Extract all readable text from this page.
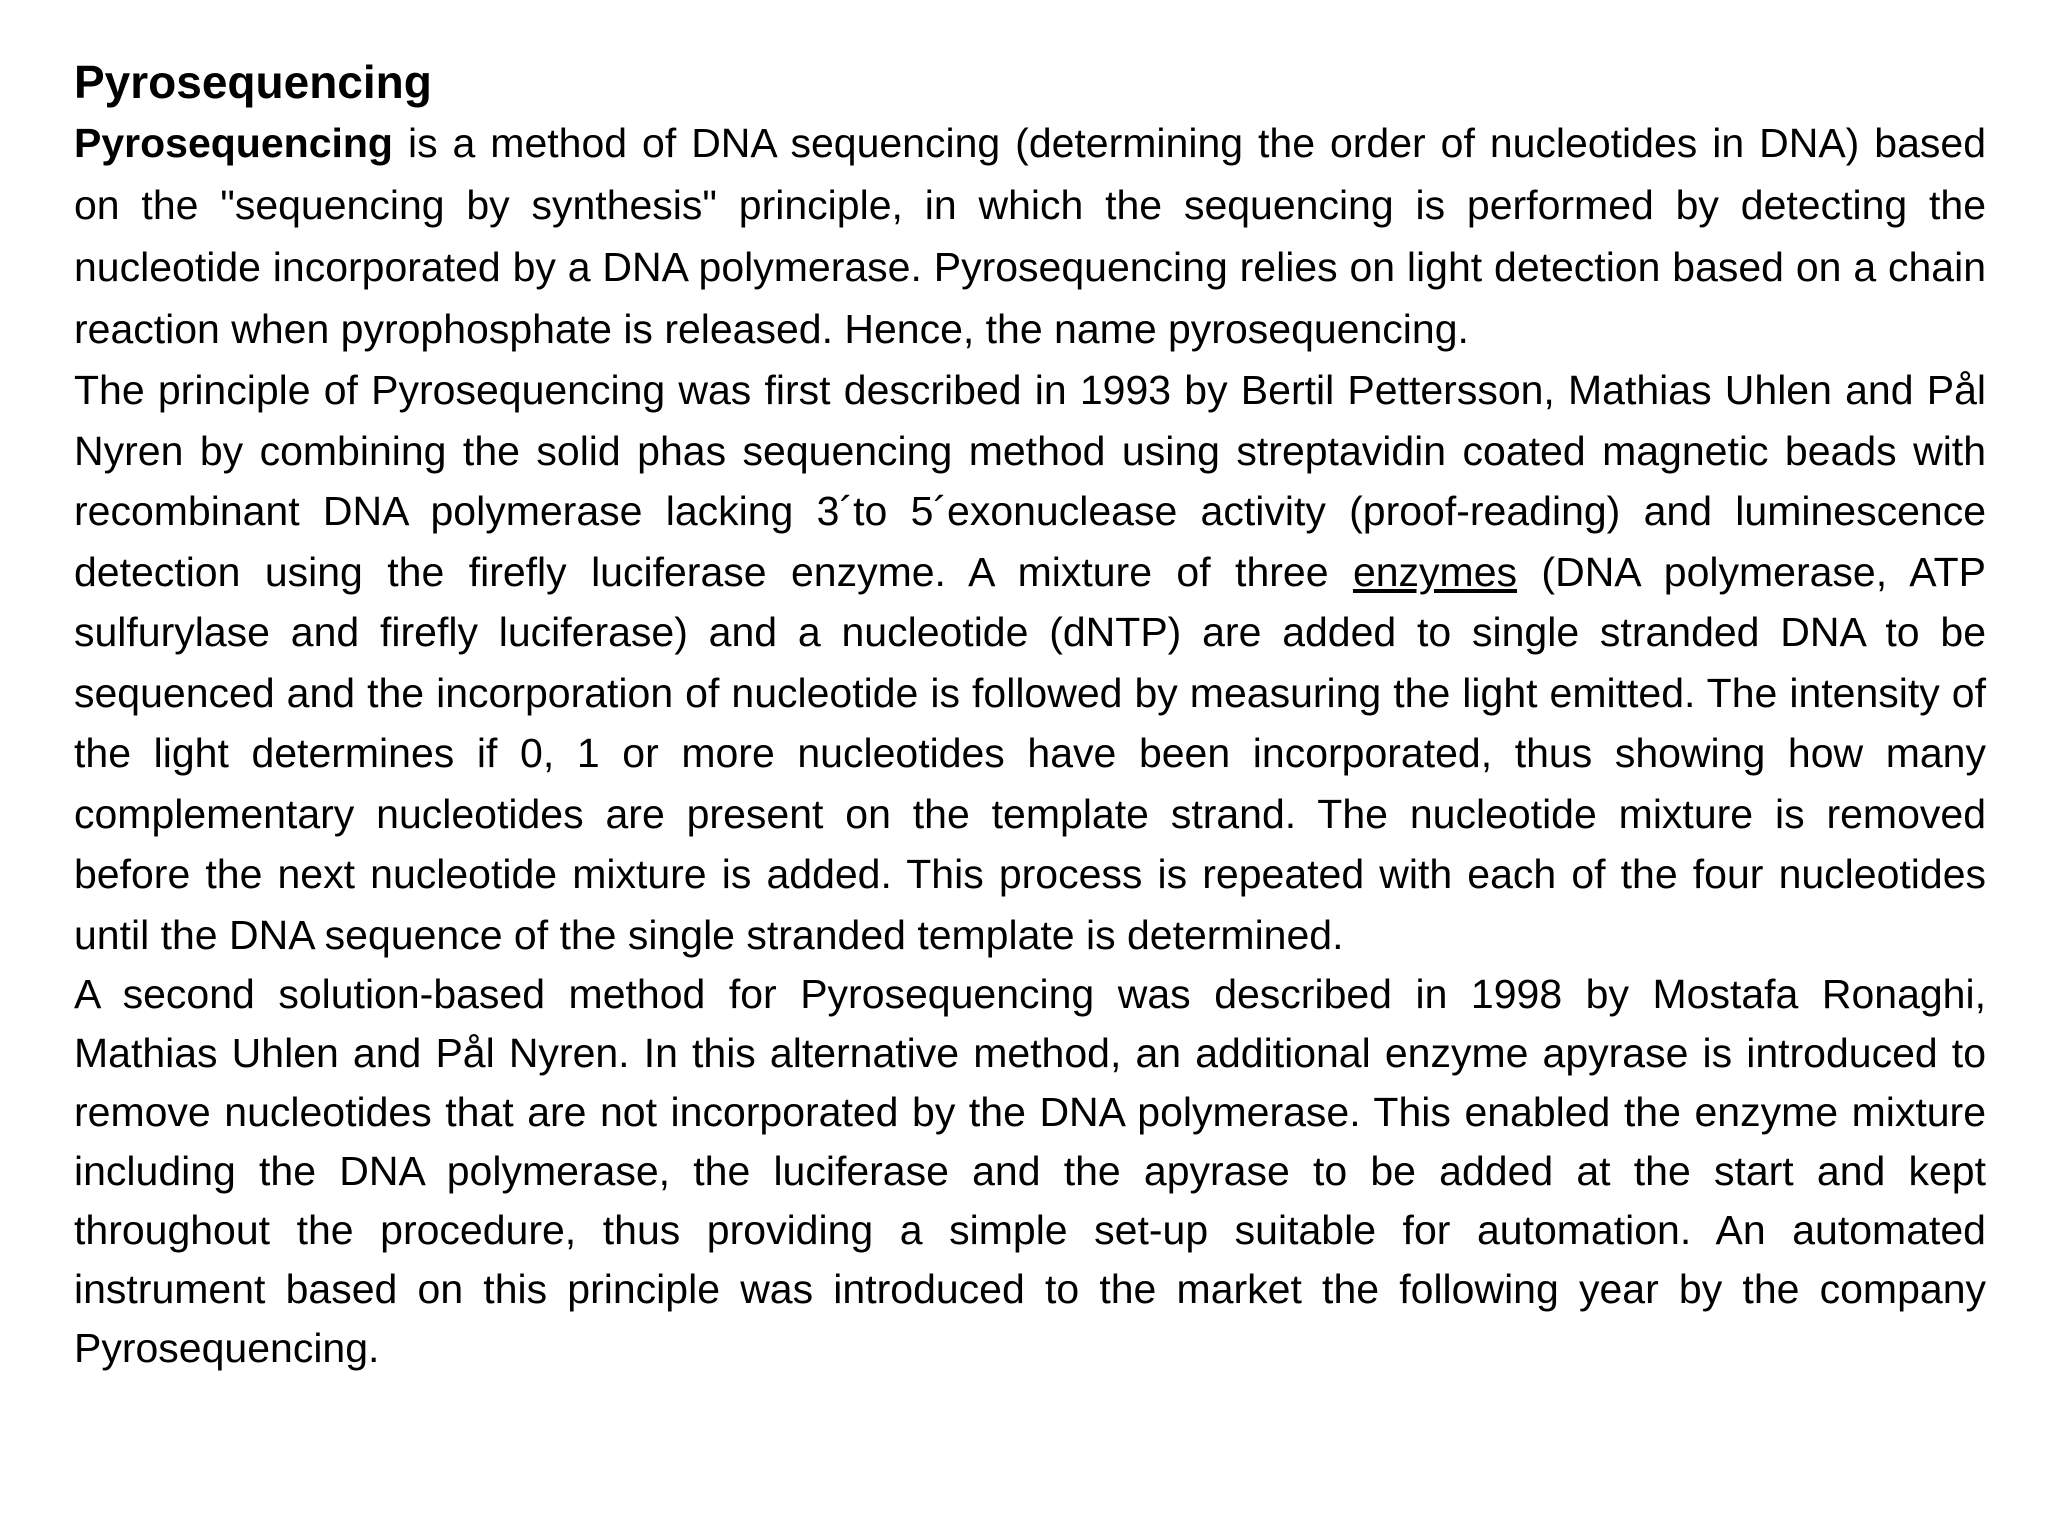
Pyrosequencing

Pyrosequencing is a method of DNA sequencing (determining the order of nucleotides in DNA) based on the "sequencing by synthesis" principle, in which the sequencing is performed by detecting the nucleotide incorporated by a DNA polymerase. Pyrosequencing relies on light detection based on a chain reaction when pyrophosphate is released. Hence, the name pyrosequencing.

The principle of Pyrosequencing was first described in 1993 by Bertil Pettersson, Mathias Uhlen and Pål Nyren by combining the solid phas sequencing method using streptavidin coated magnetic beads with recombinant DNA polymerase lacking 3´to 5´exonuclease activity (proof-reading) and luminescence detection using the firefly luciferase enzyme. A mixture of three enzymes (DNA polymerase, ATP sulfurylase and firefly luciferase) and a nucleotide (dNTP) are added to single stranded DNA to be sequenced and the incorporation of nucleotide is followed by measuring the light emitted. The intensity of the light determines if 0, 1 or more nucleotides have been incorporated, thus showing how many complementary nucleotides are present on the template strand. The nucleotide mixture is removed before the next nucleotide mixture is added. This process is repeated with each of the four nucleotides until the DNA sequence of the single stranded template is determined.

A second solution-based method for Pyrosequencing was described in 1998 by Mostafa Ronaghi, Mathias Uhlen and Pål Nyren. In this alternative method, an additional enzyme apyrase is introduced to remove nucleotides that are not incorporated by the DNA polymerase. This enabled the enzyme mixture including the DNA polymerase, the luciferase and the apyrase to be added at the start and kept throughout the procedure, thus providing a simple set-up suitable for automation. An automated instrument based on this principle was introduced to the market the following year by the company Pyrosequencing.
